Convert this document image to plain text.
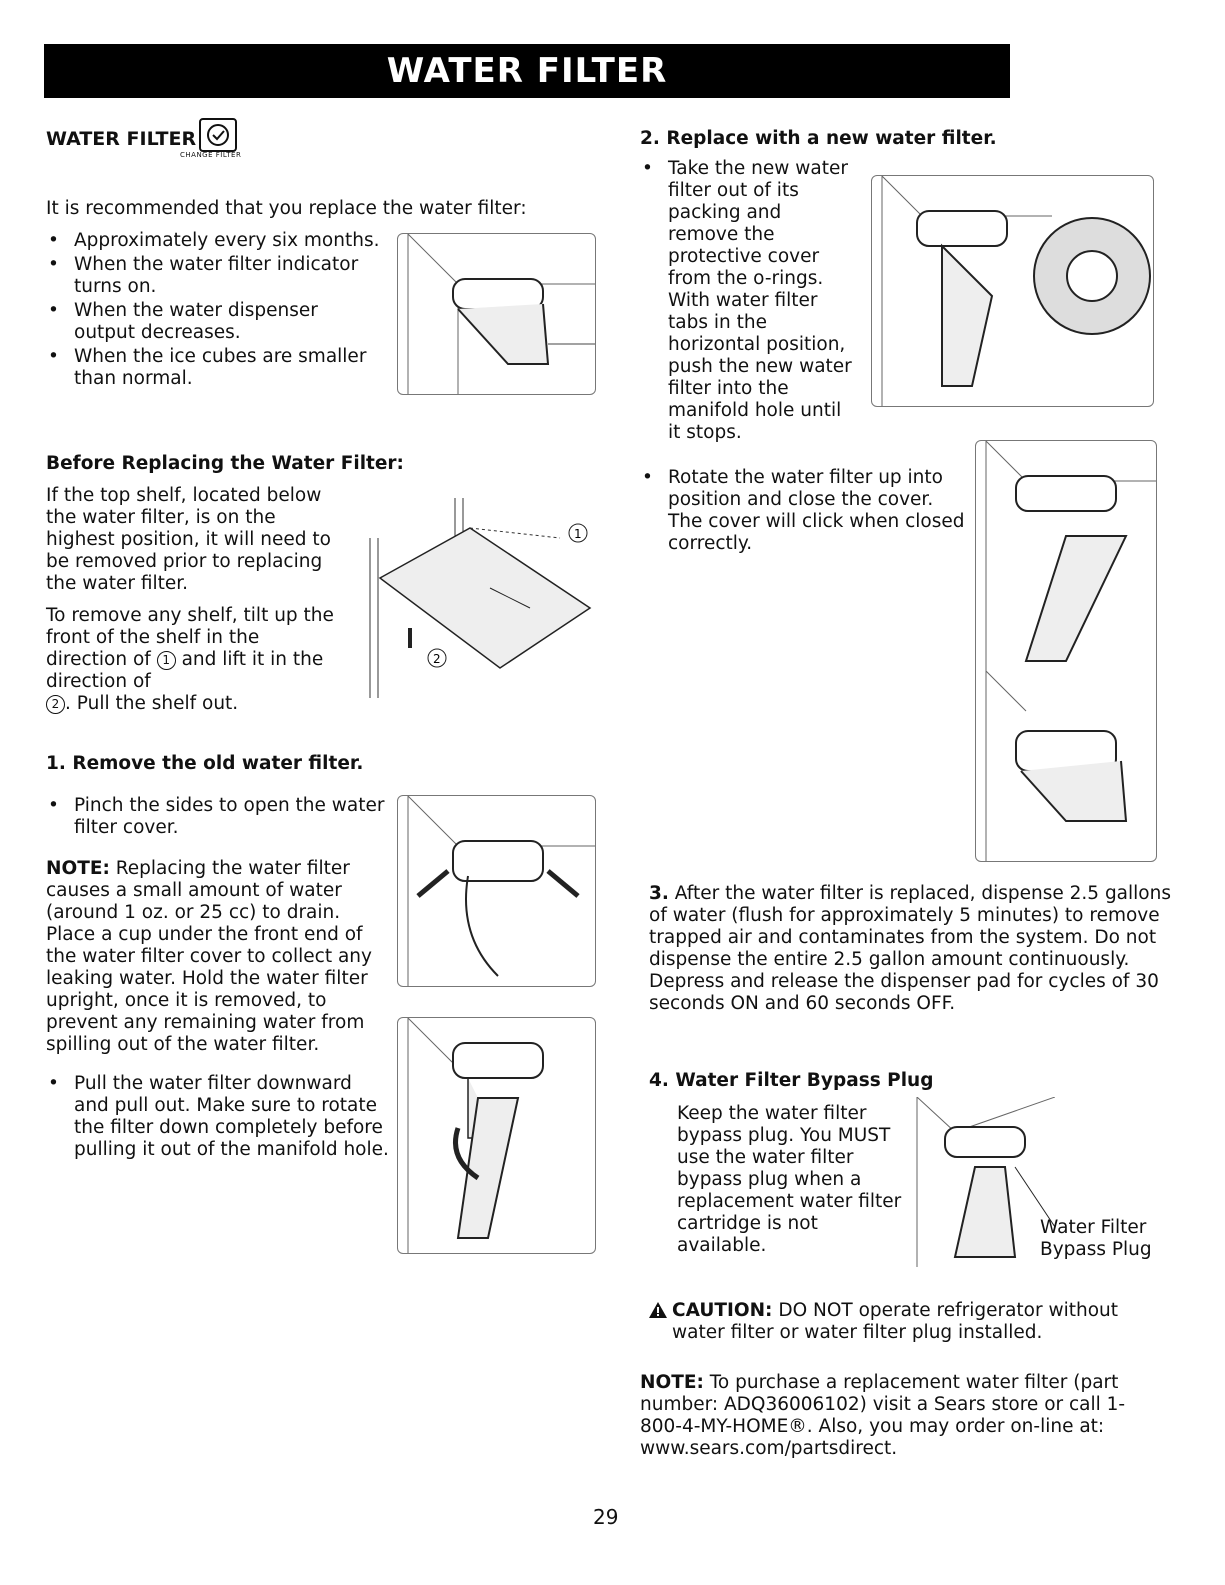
WATER FILTER
WATER FILTER
CHANGE FILTER

It is recommended that you replace the water filter:

• Approximately every six months.
• When the water filter indicator turns on.
• When the water dispenser output decreases.
• When the ice cubes are smaller than normal.

Before Replacing the Water Filter:

If the top shelf, located below the water filter, is on the highest position, it will need to be removed prior to replacing the water filter.

To remove any shelf, tilt up the front of the shelf in the direction of 1 and lift it in the direction of
2 . Pull the shelf out.

1
2

1. Remove the old water filter.

• Pinch the sides to open the water filter cover.

NOTE: Replacing the water filter causes a small amount of water (around 1 oz. or 25 cc) to drain. Place a cup under the front end of the water filter cover to collect any leaking water. Hold the water filter upright, once it is removed, to prevent any remaining water from spilling out of the water filter.

• Pull the water filter downward and pull out. Make sure to rotate the filter down completely before pulling it out of the manifold hole.

2. Replace with a new water filter.

• Take the new water filter out of its packing and remove the protective cover from the o-rings. With water filter tabs in the horizontal position, push the new water filter into the manifold hole until it stops.
• Rotate the water filter up into position and close the cover. The cover will click when closed correctly.

3. After the water filter is replaced, dispense 2.5 gallons of water (flush for approximately 5 minutes) to remove trapped air and contaminates from the system. Do not dispense the entire 2.5 gallon amount continuously. Depress and release the dispenser pad for cycles of 30 seconds ON and 60 seconds OFF.

4. Water Filter Bypass Plug

Keep the water filter bypass plug. You MUST use the water filter bypass plug when a replacement water filter cartridge is not available.

Water Filter
Bypass Plug

CAUTION: DO NOT operate refrigerator without water filter or water filter plug installed.

NOTE: To purchase a replacement water filter (part number: ADQ36006102) visit a Sears store or call 1-800-4-MY-HOME®. Also, you may order on-line at: www.sears.com/partsdirect.

29
